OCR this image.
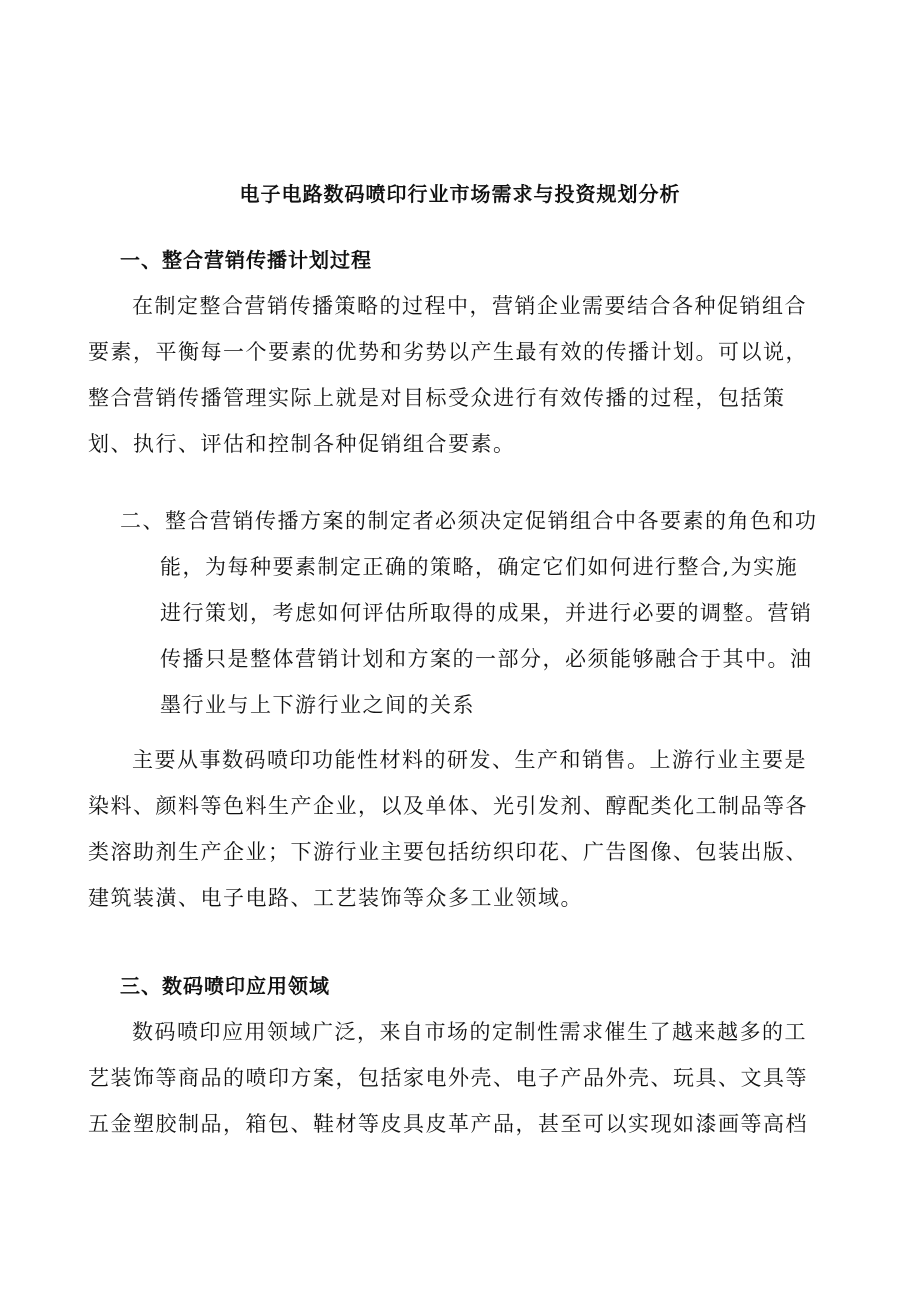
电子电路数码喷印行业市场需求与投资规划分析
一、整合营销传播计划过程
在制定整合营销传播策略的过程中，营销企业需要结合各种促销组合
要素，平衡每一个要素的优势和劣势以产生最有效的传播计划。可以说，
整合营销传播管理实际上就是对目标受众进行有效传播的过程，包括策
划、执行、评估和控制各种促销组合要素。
二、整合营销传播方案的制定者必须决定促销组合中各要素的角色和功
能，为每种要素制定正确的策略，确定它们如何进行整合,为实施
进行策划，考虑如何评估所取得的成果，并进行必要的调整。营销
传播只是整体营销计划和方案的一部分，必须能够融合于其中。油
墨行业与上下游行业之间的关系
主要从事数码喷印功能性材料的研发、生产和销售。上游行业主要是
染料、颜料等色料生产企业，以及单体、光引发剂、醇配类化工制品等各
类溶助剂生产企业；下游行业主要包括纺织印花、广告图像、包装出版、
建筑装潢、电子电路、工艺装饰等众多工业领域。
三、数码喷印应用领域
数码喷印应用领域广泛，来自市场的定制性需求催生了越来越多的工
艺装饰等商品的喷印方案，包括家电外壳、电子产品外壳、玩具、文具等
五金塑胶制品，箱包、鞋材等皮具皮革产品，甚至可以实现如漆画等高档
